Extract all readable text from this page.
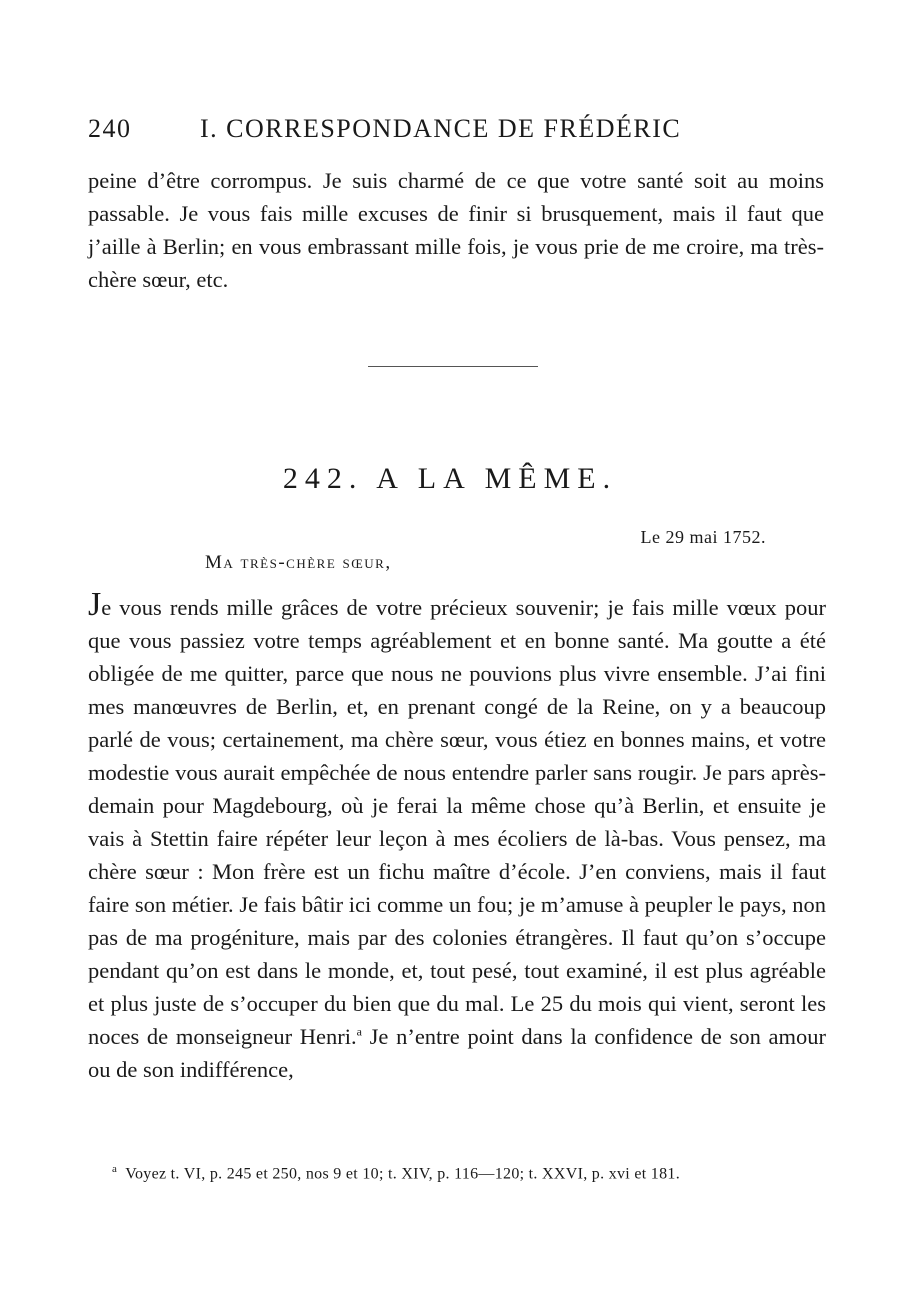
240	I. CORRESPONDANCE DE FRÉDÉRIC

peine d’être corrompus. Je suis charmé de ce que votre santé soit au moins passable. Je vous fais mille excuses de finir si brusquement, mais il faut que j’aille à Berlin; en vous embrassant mille fois, je vous prie de me croire, ma très-chère sœur, etc.

242. A LA MÊME.
Le 29 mai 1752.
Ma très-chère sœur,

Je vous rends mille grâces de votre précieux souvenir; je fais mille vœux pour que vous passiez votre temps agréablement et en bonne santé. Ma goutte a été obligée de me quitter, parce que nous ne pouvions plus vivre ensemble. J’ai fini mes manœuvres de Berlin, et, en prenant congé de la Reine, on y a beaucoup parlé de vous; certainement, ma chère sœur, vous étiez en bonnes mains, et votre modestie vous aurait empêchée de nous entendre parler sans rougir. Je pars après-demain pour Magdebourg, où je ferai la même chose qu’à Berlin, et ensuite je vais à Stettin faire répéter leur leçon à mes écoliers de là-bas. Vous pensez, ma chère sœur : Mon frère est un fichu maître d’école. J’en conviens, mais il faut faire son métier. Je fais bâtir ici comme un fou; je m’amuse à peupler le pays, non pas de ma progéniture, mais par des colonies étrangères. Il faut qu’on s’occupe pendant qu’on est dans le monde, et, tout pesé, tout examiné, il est plus agréable et plus juste de s’occuper du bien que du mal. Le 25 du mois qui vient, seront les noces de monseigneur Henri.$^a$ Je n’entre point dans la confidence de son amour ou de son indifférence,

$^a$ Voyez t. VI, p. 245 et 250, nos 9 et 10; t. XIV, p. 116—120; t. XXVI, p. xvi et 181.
